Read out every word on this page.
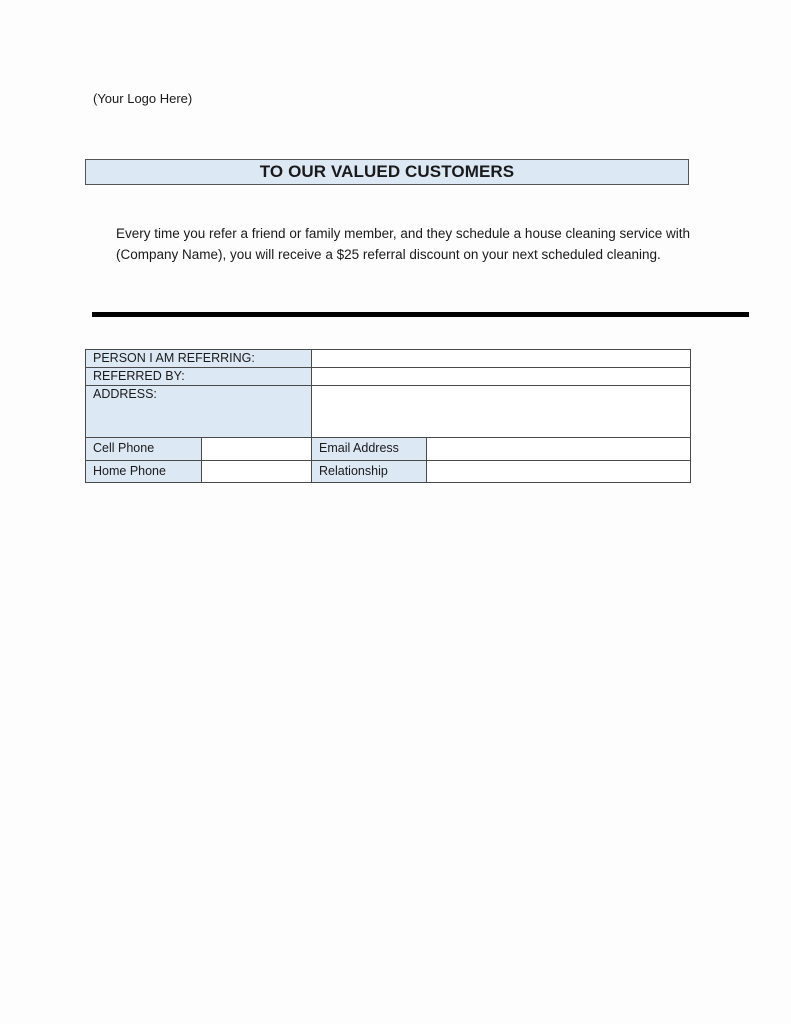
(Your Logo Here)
TO OUR VALUED CUSTOMERS
Every time you refer a friend or family member, and they schedule a house cleaning service with (Company Name), you will receive a $25 referral discount on your next scheduled cleaning.
PERSON I AM REFERRING:			
REFERRED BY:			
ADDRESS:			
Cell Phone		Email Address	
Home Phone		Relationship	
